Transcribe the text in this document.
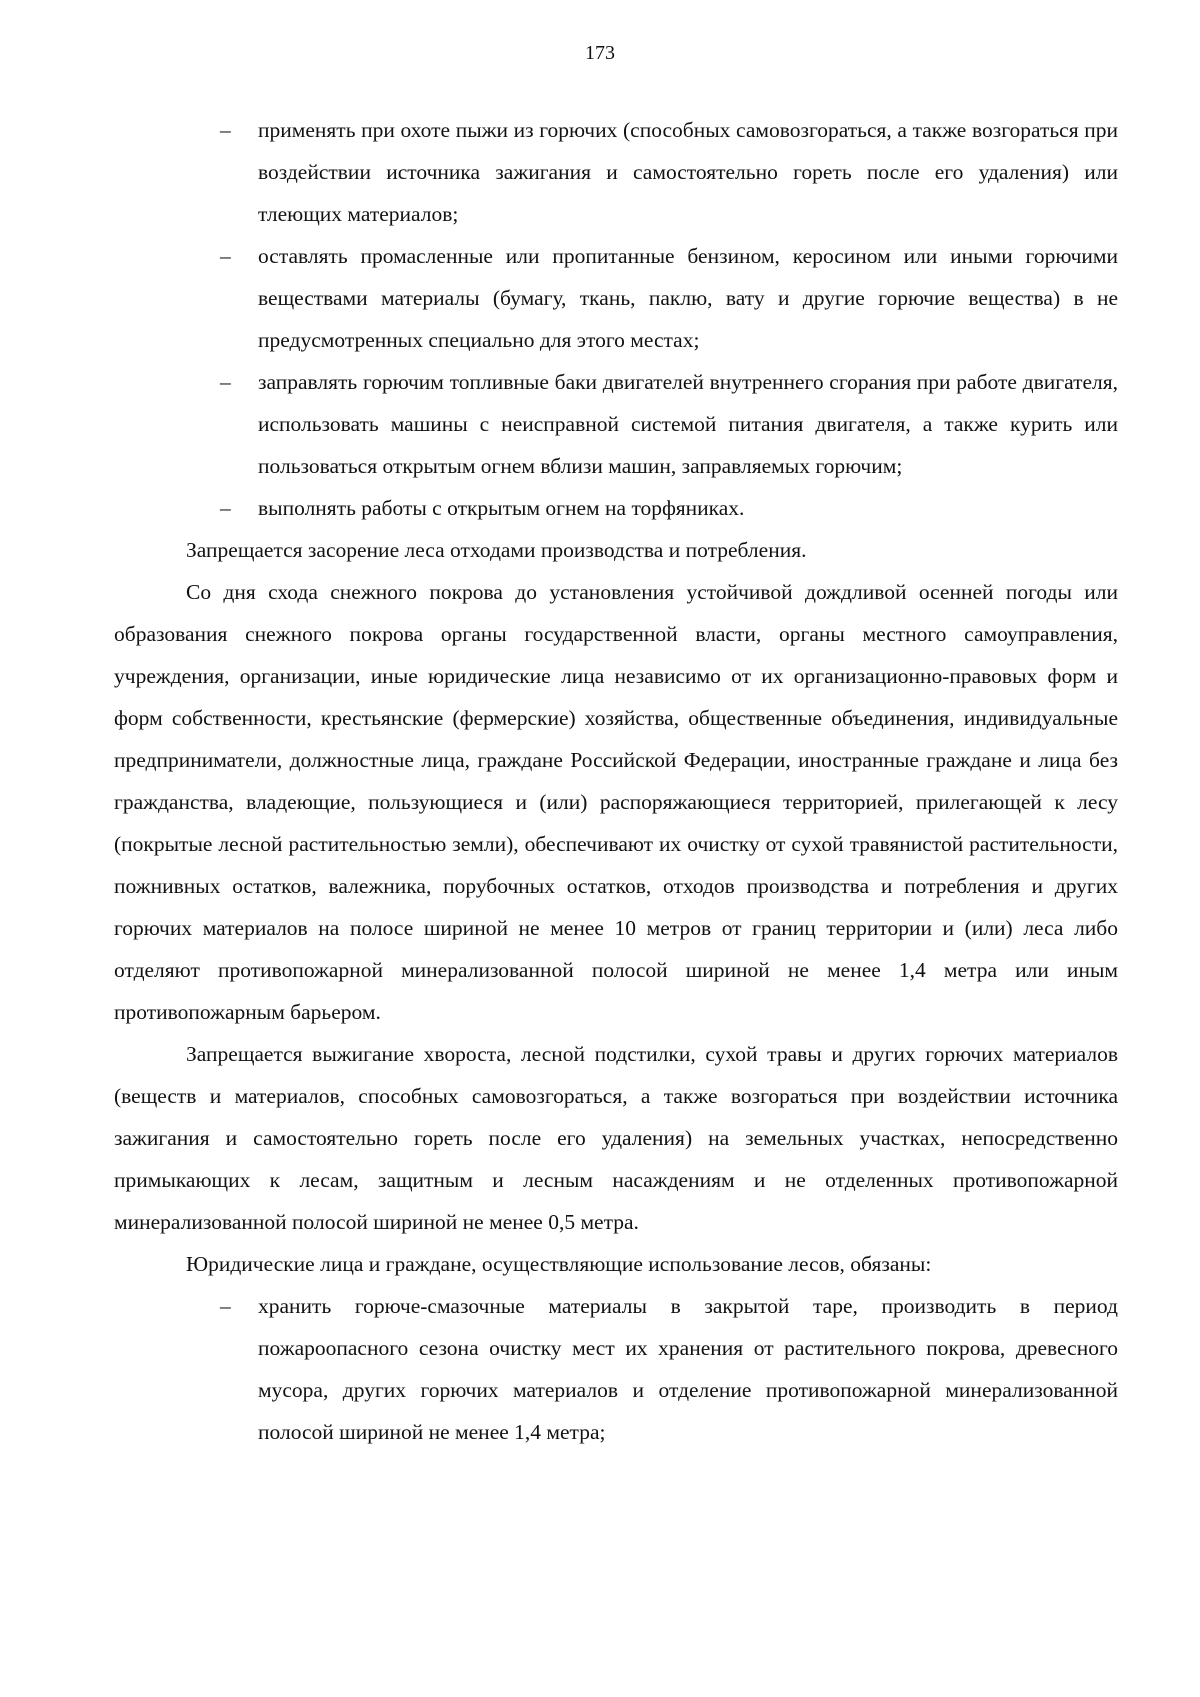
173
– применять при охоте пыжи из горючих (способных самовозгораться, а также возгораться при воздействии источника зажигания и самостоятельно гореть после его удаления) или тлеющих материалов;
– оставлять промасленные или пропитанные бензином, керосином или иными горючими веществами материалы (бумагу, ткань, паклю, вату и другие горючие вещества) в не предусмотренных специально для этого местах;
– заправлять горючим топливные баки двигателей внутреннего сгорания при работе двигателя, использовать машины с неисправной системой питания двигателя, а также курить или пользоваться открытым огнем вблизи машин, заправляемых горючим;
– выполнять работы с открытым огнем на торфяниках.

Запрещается засорение леса отходами производства и потребления.

Со дня схода снежного покрова до установления устойчивой дождливой осенней погоды или образования снежного покрова органы государственной власти, органы местного самоуправления, учреждения, организации, иные юридические лица независимо от их организационно-правовых форм и форм собственности, крестьянские (фермерские) хозяйства, общественные объединения, индивидуальные предприниматели, должностные лица, граждане Российской Федерации, иностранные граждане и лица без гражданства, владеющие, пользующиеся и (или) распоряжающиеся территорией, прилегающей к лесу (покрытые лесной растительностью земли), обеспечивают их очистку от сухой травянистой растительности, пожнивных остатков, валежника, порубочных остатков, отходов производства и потребления и других горючих материалов на полосе шириной не менее 10 метров от границ территории и (или) леса либо отделяют противопожарной минерализованной полосой шириной не менее 1,4 метра или иным противопожарным барьером.

Запрещается выжигание хвороста, лесной подстилки, сухой травы и других горючих материалов (веществ и материалов, способных самовозгораться, а также возгораться при воздействии источника зажигания и самостоятельно гореть после его удаления) на земельных участках, непосредственно примыкающих к лесам, защитным и лесным насаждениям и не отделенных противопожарной минерализованной полосой шириной не менее 0,5 метра.

Юридические лица и граждане, осуществляющие использование лесов, обязаны:

– хранить горюче-смазочные материалы в закрытой таре, производить в период пожароопасного сезона очистку мест их хранения от растительного покрова, древесного мусора, других горючих материалов и отделение противопожарной минерализованной полосой шириной не менее 1,4 метра;
